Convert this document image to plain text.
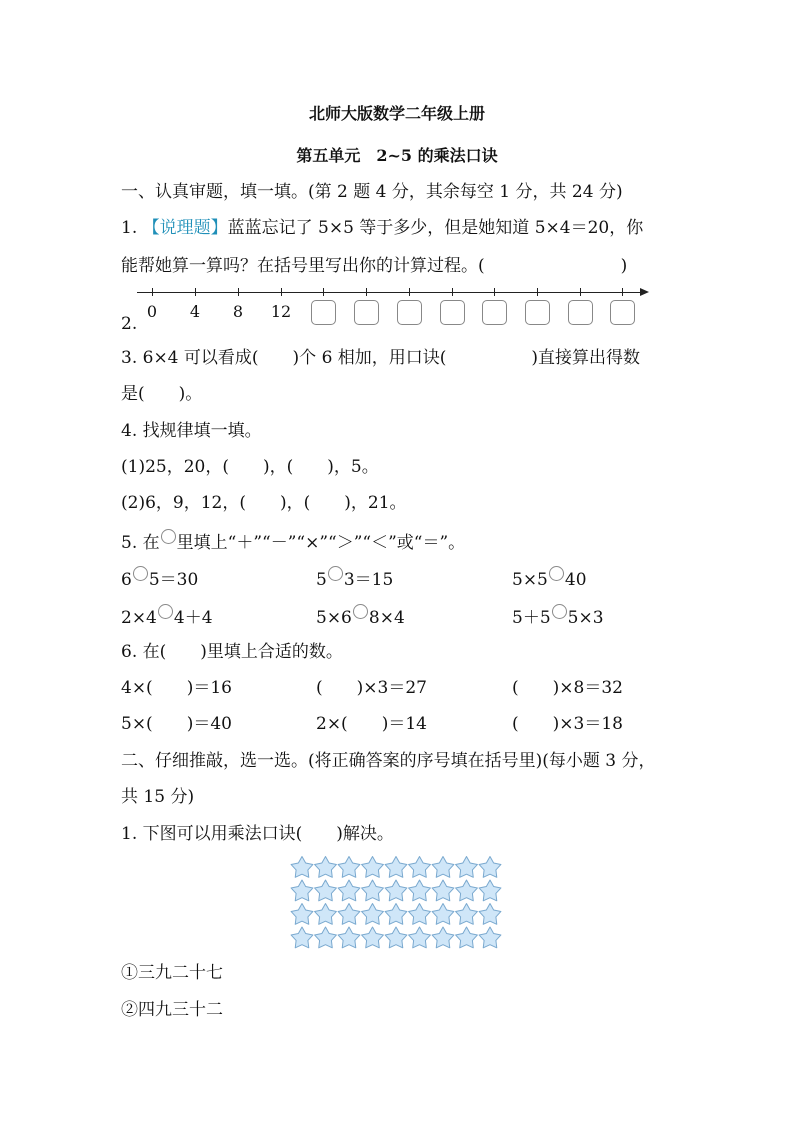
北师大版数学二年级上册
第五单元　2~5 的乘法口诀
一、认真审题，填一填。(第 2 题 4 分，其余每空 1 分，共 24 分)
1. 【说理题】蓝蓝忘记了 5×5 等于多少，但是她知道 5×4＝20，你
能帮她算一算吗？在括号里写出你的计算过程。(　　　　　　　　)
2.
0	4	8	12
3. 6×4 可以看成(　　)个 6 相加，用口诀(　　　　　)直接算出得数
是(　　)。
4. 找规律填一填。
(1)25，20，(　　)，(　　)，5。
(2)6，9，12，(　　)，(　　)，21。
5. 在 里填上“＋”“－”“×”“＞”“＜”或“＝”。
6 5＝30	5 3＝15	5×5 40
2×4 4＋4	5×6 8×4	5＋5 5×3
6. 在(　　)里填上合适的数。
4×(　　)＝16	(　　)×3＝27	(　　)×8＝32
5×(　　)＝40	2×(　　)＝14	(　　)×3＝18
二、仔细推敲，选一选。(将正确答案的序号填在括号里)(每小题 3 分，
共 15 分)
1. 下图可以用乘法口诀(　　)解决。
①三九二十七
②四九三十二
